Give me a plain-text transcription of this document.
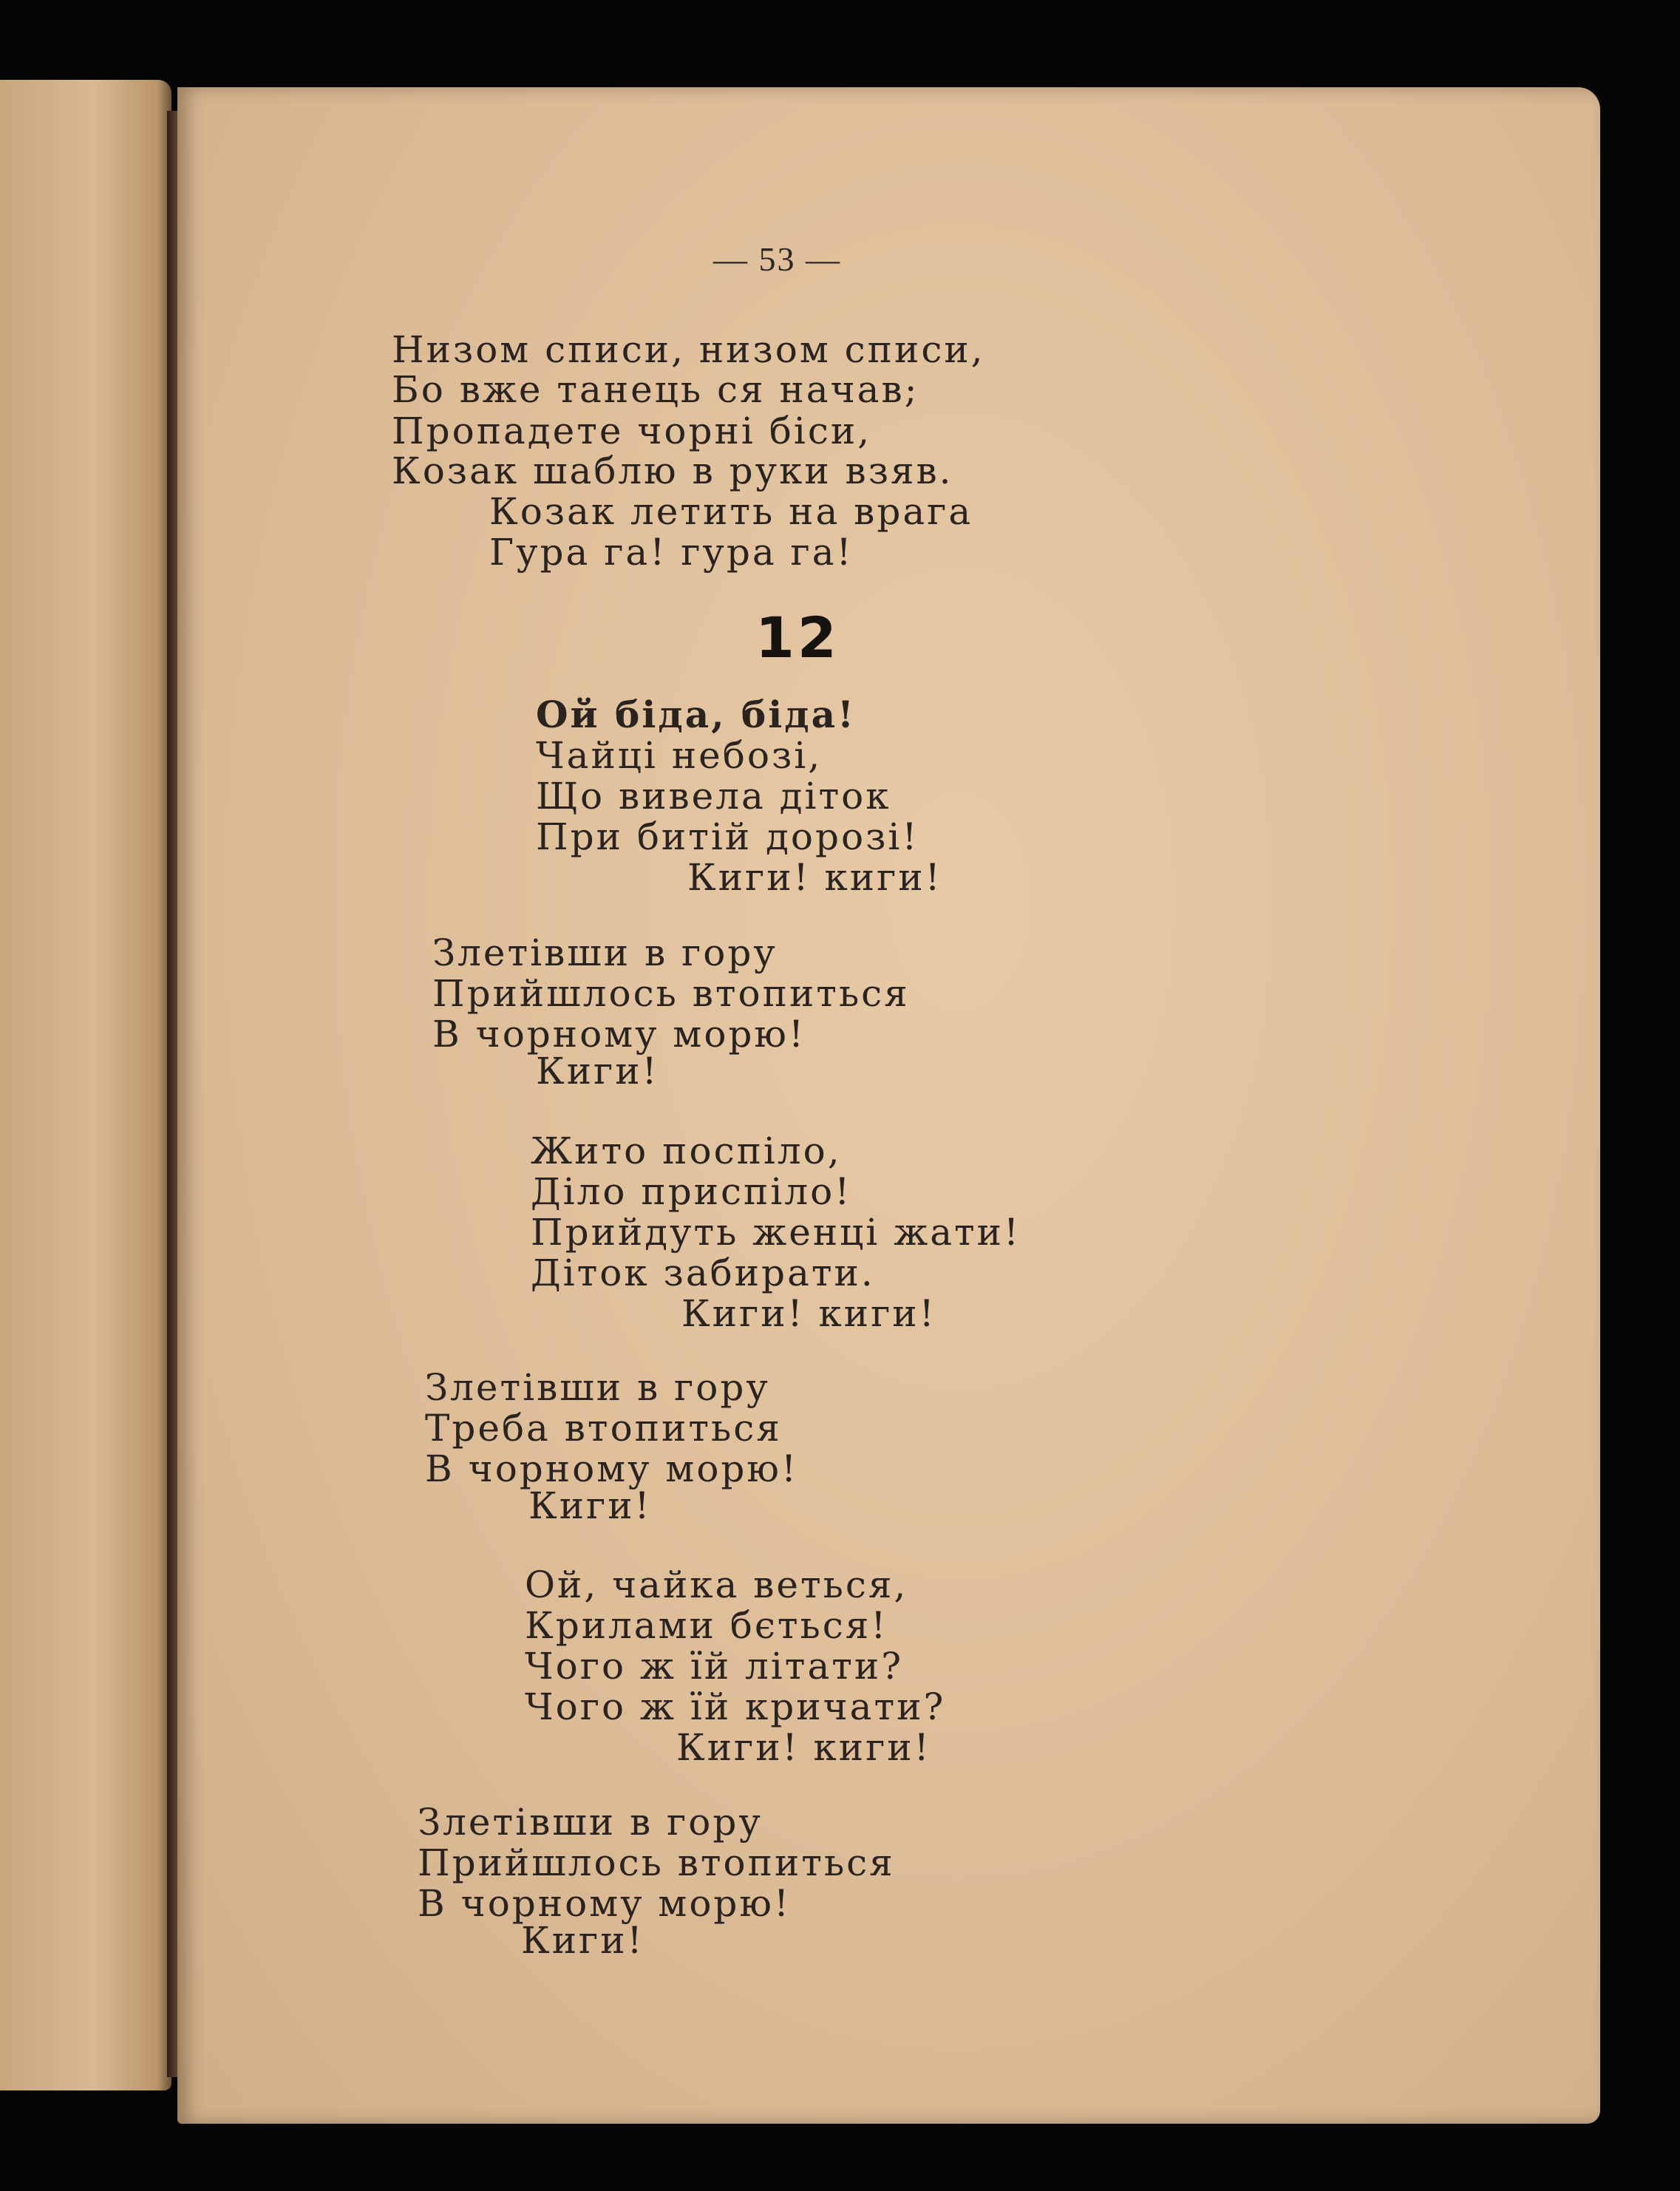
— 53 —
Низом списи, низом списи,
Бо вже танець ся начав;
Пропадете чорні біси,
Козак шаблю в руки взяв.
Козак летить на врага
Гура га! гура га!
12
Ой біда, біда!
Чайці небозі,
Що вивела діток
При битій дорозі!
Киги! киги!
Злетівши в гору
Прийшлось втопиться
В чорному морю!
Киги!
Жито поспіло,
Діло приспіло!
Прийдуть женці жати!
Діток забирати.
Киги! киги!
Злетівши в гору
Треба втопиться
В чорному морю!
Киги!
Ой, чайка веться,
Крилами бється!
Чого ж їй літати?
Чого ж їй кричати?
Киги! киги!
Злетівши в гору
Прийшлось втопиться
В чорному морю!
Киги!
